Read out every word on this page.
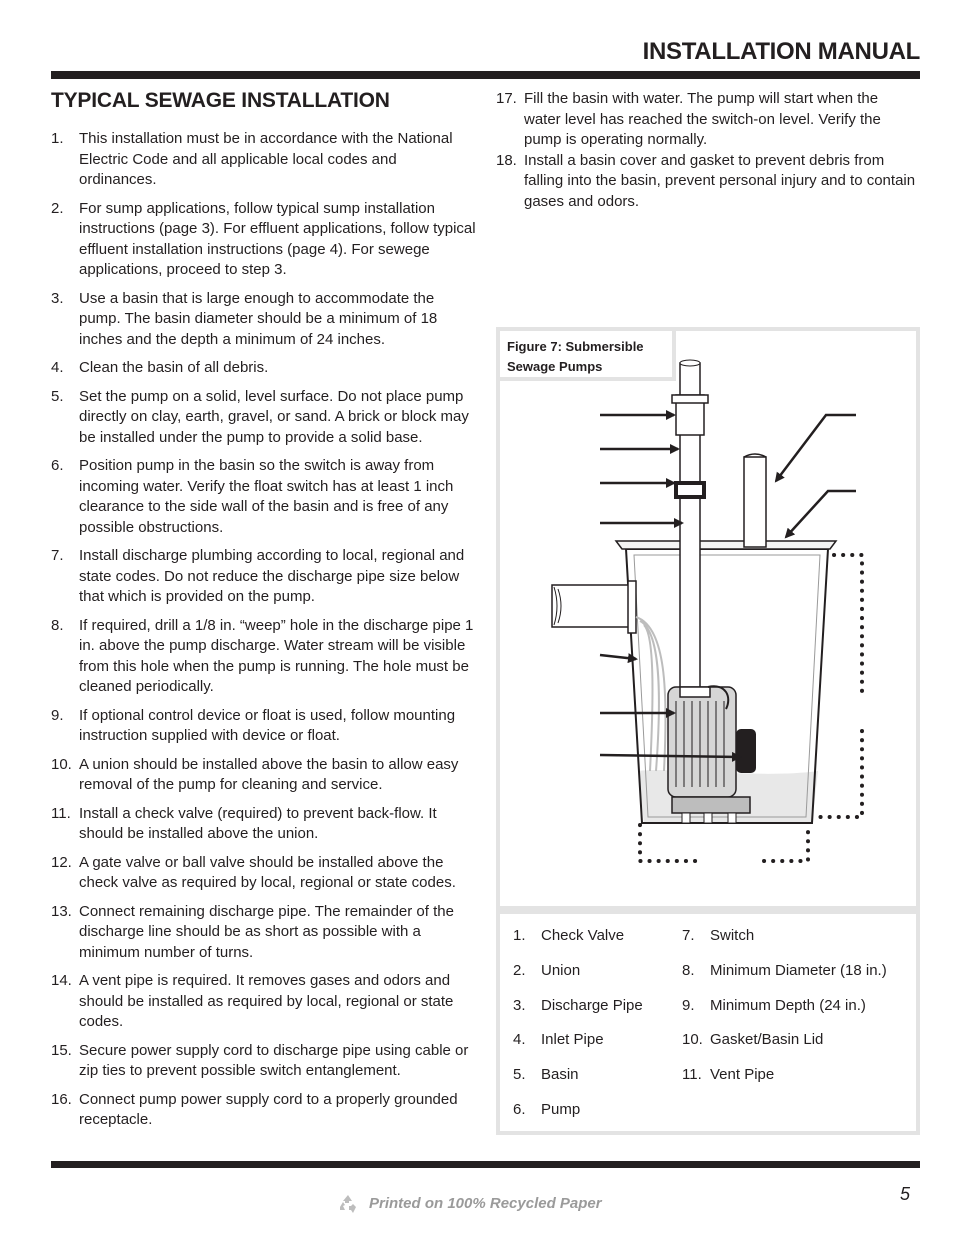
INSTALLATION MANUAL
TYPICAL SEWAGE INSTALLATION
1. This installation must be in accordance with the National Electric Code and all applicable local codes and ordinances.
2. For sump applications, follow typical sump installation instructions (page 3). For effluent applications, follow typical effluent installation instructions (page 4). For sewege applications, proceed to step 3.
3. Use a basin that is large enough to accommodate the pump. The basin diameter should be a minimum of 18 inches and the depth a minimum of 24 inches.
4. Clean the basin of all debris.
5. Set the pump on a solid, level surface. Do not place pump directly on clay, earth, gravel, or sand. A brick or block may be installed under the pump to provide a solid base.
6. Position pump in the basin so the switch is away from incoming water. Verify the float switch has at least 1 inch clearance to the side wall of the basin and is free of any possible obstructions.
7. Install discharge plumbing according to local, regional and state codes. Do not reduce the discharge pipe size below that which is provided on the pump.
8. If required, drill a 1/8 in. “weep” hole in the discharge pipe 1 in. above the pump discharge. Water stream will be visible from this hole when the pump is running. The hole must be cleaned periodically.
9. If optional control device or float is used, follow mounting instruction supplied with device or float.
10. A union should be installed above the basin to allow easy removal of the pump for cleaning and service.
11. Install a check valve (required) to prevent back-flow. It should be installed above the union.
12. A gate valve or ball valve should be installed above the check valve as required by local, regional or state codes.
13. Connect remaining discharge pipe. The remainder of the discharge line should be as short as possible with a minimum number of turns.
14. A vent pipe is required. It removes gases and odors and should be installed as required by local, regional or state codes.
15. Secure power supply cord to discharge pipe using cable or zip ties to prevent possible switch entanglement.
16. Connect pump power supply cord to a properly grounded receptacle.
17. Fill the basin with water. The pump will start when the water level has reached the switch-on level. Verify the pump is operating normally.
18. Install a basin cover and gasket to prevent debris from falling into the basin, prevent personal injury and to contain gases and odors.
Figure 7: Submersible Sewage Pumps
1. Check Valve
2. Union
3. Discharge Pipe
4. Inlet Pipe
5. Basin
6. Pump
7. Switch
8. Minimum Diameter (18 in.)
9. Minimum Depth (24 in.)
10. Gasket/Basin Lid
11. Vent Pipe
Printed on 100% Recycled Paper	5
